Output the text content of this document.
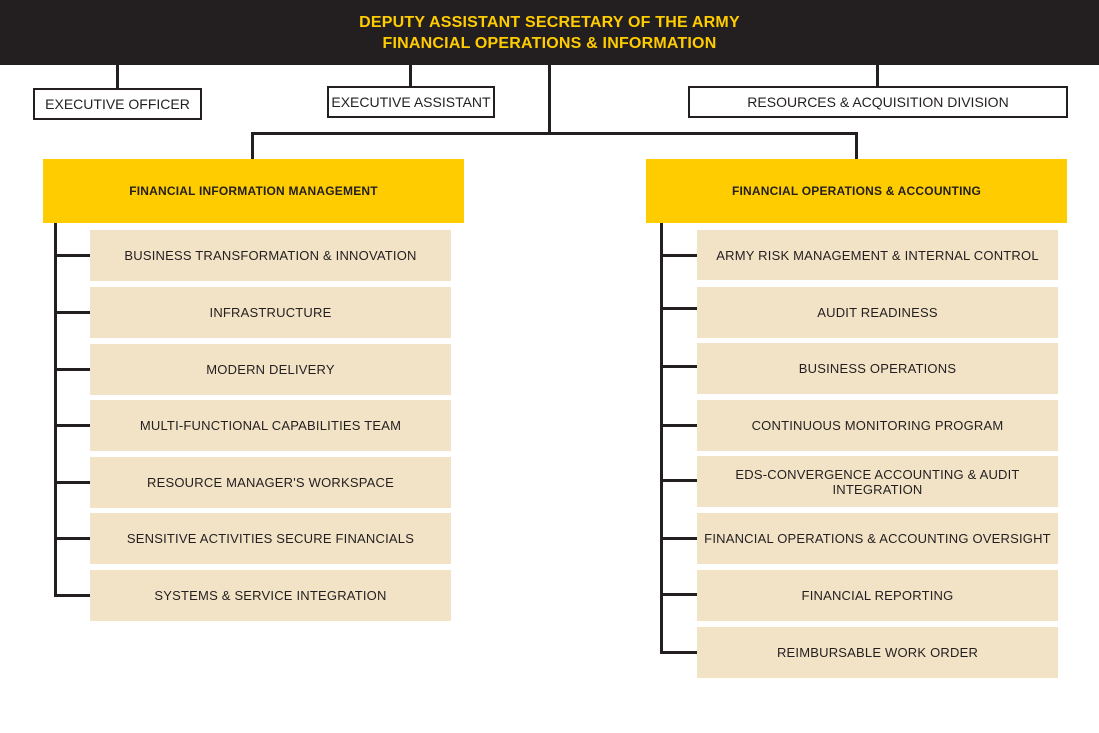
DEPUTY ASSISTANT SECRETARY OF THE ARMY
FINANCIAL OPERATIONS & INFORMATION
EXECUTIVE OFFICER	EXECUTIVE ASSISTANT	RESOURCES & ACQUISITION DIVISION
FINANCIAL INFORMATION MANAGEMENT	FINANCIAL OPERATIONS & ACCOUNTING
BUSINESS TRANSFORMATION & INNOVATION
INFRASTRUCTURE
MODERN DELIVERY
MULTI-FUNCTIONAL CAPABILITIES TEAM
RESOURCE MANAGER'S WORKSPACE
SENSITIVE ACTIVITIES SECURE FINANCIALS
SYSTEMS & SERVICE INTEGRATION
ARMY RISK MANAGEMENT & INTERNAL CONTROL
AUDIT READINESS
BUSINESS OPERATIONS
CONTINUOUS MONITORING PROGRAM
EDS-CONVERGENCE ACCOUNTING & AUDIT INTEGRATION
FINANCIAL OPERATIONS & ACCOUNTING OVERSIGHT
FINANCIAL REPORTING
REIMBURSABLE WORK ORDER
